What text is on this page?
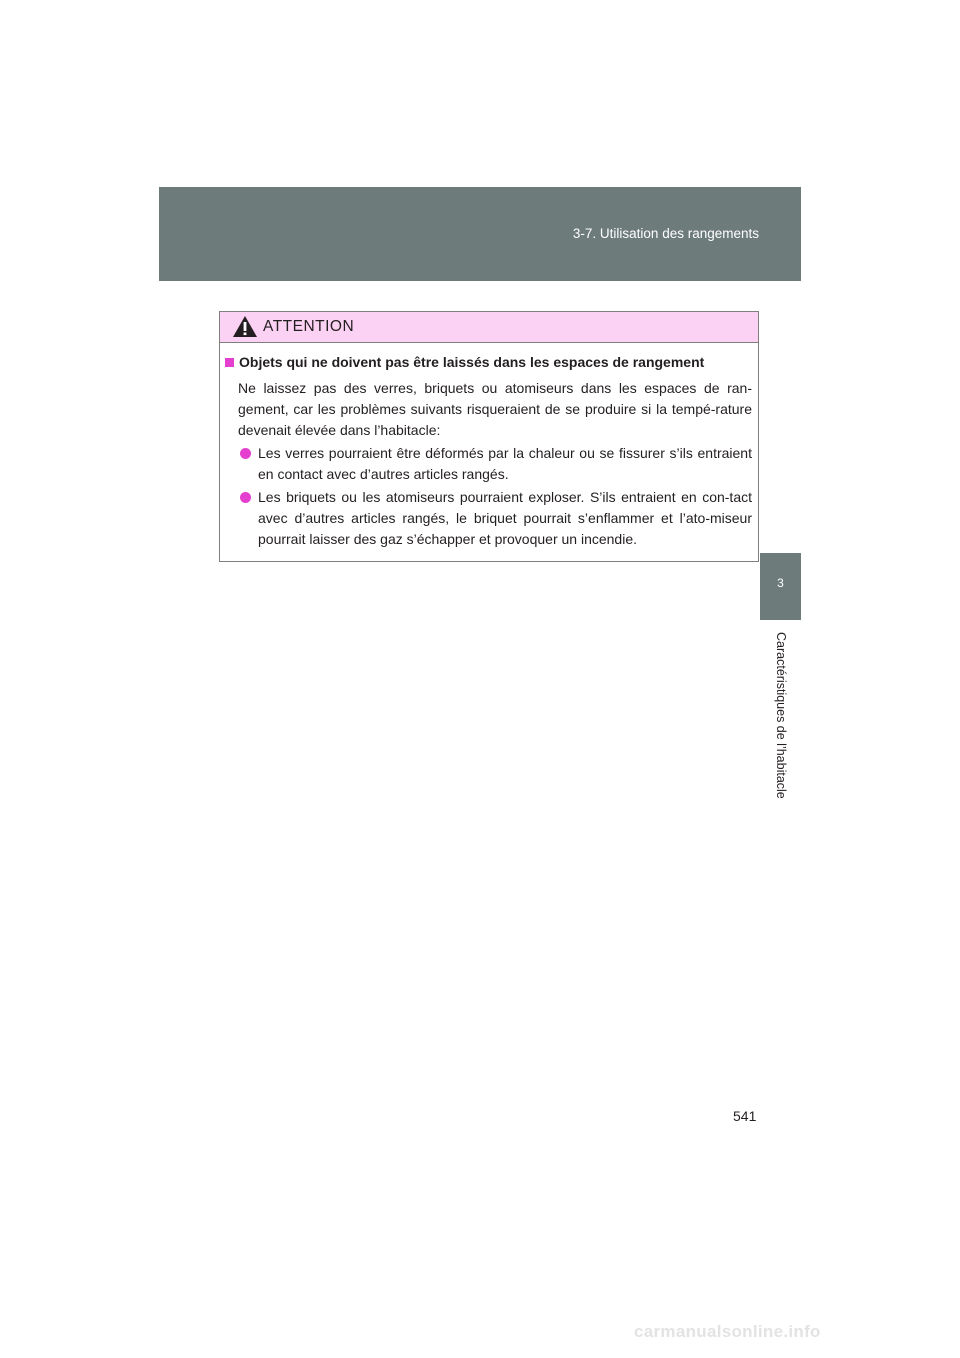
3-7. Utilisation des rangements
3
Caractéristiques de l’habitacle
ATTENTION
Objets qui ne doivent pas être laissés dans les espaces de rangement
Ne laissez pas des verres, briquets ou atomiseurs dans les espaces de ran-gement, car les problèmes suivants risqueraient de se produire si la tempé-rature devenait élevée dans l’habitacle:
Les verres pourraient être déformés par la chaleur ou se fissurer s’ils entraient en contact avec d’autres articles rangés.
Les briquets ou les atomiseurs pourraient exploser. S’ils entraient en con-tact avec d’autres articles rangés, le briquet pourrait s’enflammer et l’ato-miseur pourrait laisser des gaz s’échapper et provoquer un incendie.
541
carmanualsonline.info
